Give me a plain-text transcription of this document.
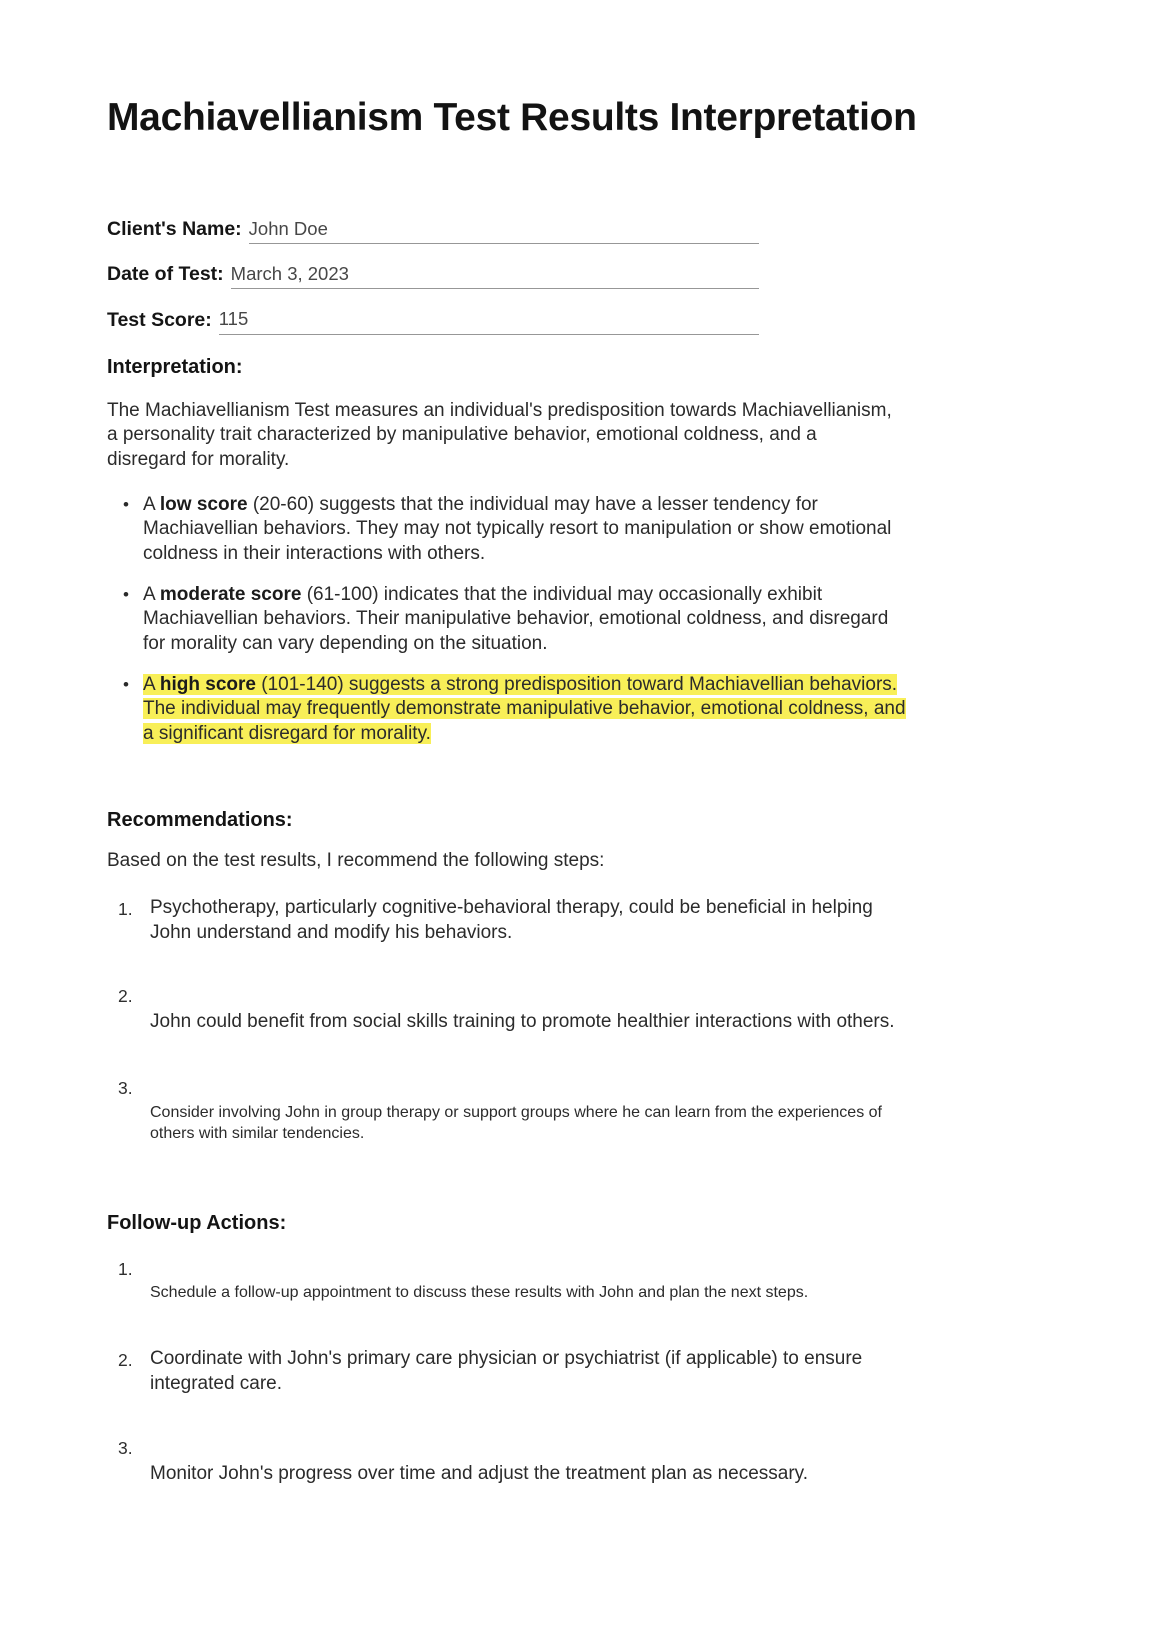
Machiavellianism Test Results Interpretation
Client's Name: John Doe
Date of Test: March 3, 2023
Test Score: 115
Interpretation:

The Machiavellianism Test measures an individual's predisposition towards Machiavellianism,
a personality trait characterized by manipulative behavior, emotional coldness, and a
disregard for morality.

• A low score (20-60) suggests that the individual may have a lesser tendency for
Machiavellian behaviors. They may not typically resort to manipulation or show emotional
coldness in their interactions with others.
• A moderate score (61-100) indicates that the individual may occasionally exhibit
Machiavellian behaviors. Their manipulative behavior, emotional coldness, and disregard
for morality can vary depending on the situation.
• A high score (101-140) suggests a strong predisposition toward Machiavellian behaviors.
The individual may frequently demonstrate manipulative behavior, emotional coldness, and
a significant disregard for morality.
Recommendations:

Based on the test results, I recommend the following steps:

1. Psychotherapy, particularly cognitive-behavioral therapy, could be beneficial in helping
John understand and modify his behaviors.
2.
John could benefit from social skills training to promote healthier interactions with others.
3.
Consider involving John in group therapy or support groups where he can learn from the experiences of
others with similar tendencies.
Follow-up Actions:
1.
Schedule a follow-up appointment to discuss these results with John and plan the next steps.
2. Coordinate with John's primary care physician or psychiatrist (if applicable) to ensure
integrated care.
3.
Monitor John's progress over time and adjust the treatment plan as necessary.
